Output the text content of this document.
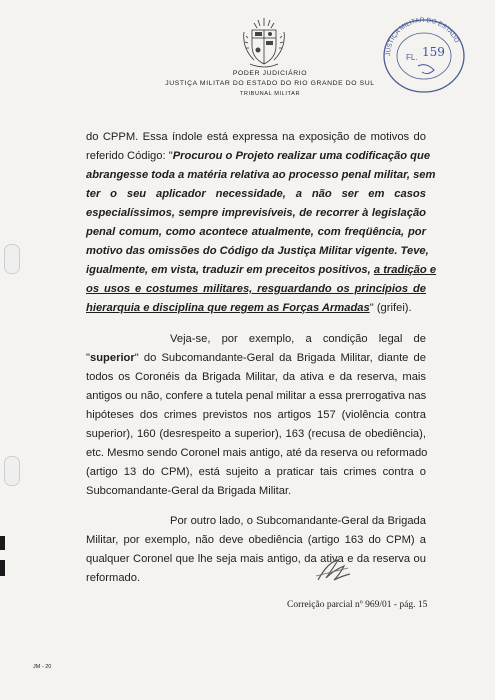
PODER JUDICIÁRIO
JUSTIÇA MILITAR DO ESTADO DO RIO GRANDE DO SUL
TRIBUNAL MILITAR
JUSTIÇA MILITAR DO ESTADO
FL. 159
do CPPM. Essa índole está expressa na exposição de motivos do
referido Código: "Procurou o Projeto realizar uma codificação que
abrangesse toda a matéria relativa ao processo penal militar, sem
ter o seu aplicador necessidade, a não ser em casos
especialíssimos, sempre imprevisíveis, de recorrer à legislação
penal comum, como acontece atualmente, com freqüência, por
motivo das omissões do Código da Justiça Militar vigente. Teve,
igualmente, em vista, traduzir em preceitos positivos, a tradição e
os usos e costumes militares, resguardando os princípios de
hierarquia e disciplina que regem as Forças Armadas" (grifei).
Veja-se, por exemplo, a condição legal de
"superior" do Subcomandante-Geral da Brigada Militar, diante de
todos os Coronéis da Brigada Militar, da ativa e da reserva, mais
antigos ou não, confere a tutela penal militar a essa prerrogativa nas
hipóteses dos crimes previstos nos artigos 157 (violência contra
superior), 160 (desrespeito a superior), 163 (recusa de obediência),
etc. Mesmo sendo Coronel mais antigo, até da reserva ou reformado
(artigo 13 do CPM), está sujeito a praticar tais crimes contra o
Subcomandante-Geral da Brigada Militar.
Por outro lado, o Subcomandante-Geral da Brigada
Militar, por exemplo, não deve obediência (artigo 163 do CPM) a
qualquer Coronel que lhe seja mais antigo, da ativa e da reserva ou
reformado.
Correição parcial nº 969/01 - pág. 15
JM - 20
